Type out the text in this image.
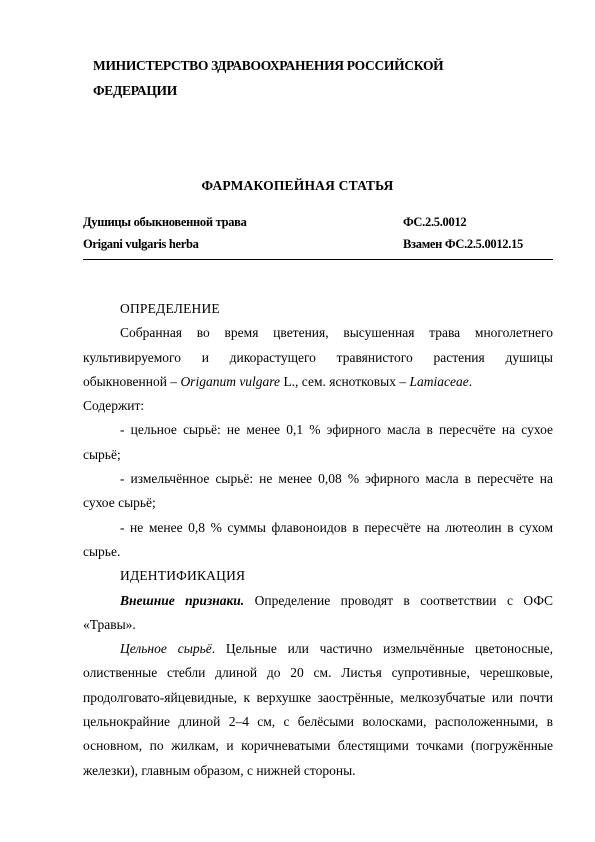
МИНИСТЕРСТВО ЗДРАВООХРАНЕНИЯ РОССИЙСКОЙ ФЕДЕРАЦИИ
ФАРМАКОПЕЙНАЯ СТАТЬЯ
Душицы обыкновенной трава	ФС.2.5.0012
Origani vulgaris herba	Взамен ФС.2.5.0012.15

ОПРЕДЕЛЕНИЕ

Собранная во время цветения, высушенная трава многолетнего культивируемого и дикорастущего травянистого растения душицы обыкновенной – Origanum vulgare L., сем. яснотковых – Lamiaceae.

Содержит:

- цельное сырьё: не менее 0,1 % эфирного масла в пересчёте на сухое сырьё;

- измельчённое сырьё: не менее 0,08 % эфирного масла в пересчёте на сухое сырьё;

- не менее 0,8 % суммы флавоноидов в пересчёте на лютеолин в сухом сырье.

ИДЕНТИФИКАЦИЯ

Внешние признаки. Определение проводят в соответствии с ОФС «Травы».

Цельное сырьё. Цельные или частично измельчённые цветоносные, олиственные стебли длиной до 20 см. Листья супротивные, черешковые, продолговато-яйцевидные, к верхушке заострённые, мелкозубчатые или почти цельнокрайние длиной 2–4 см, с белёсыми волосками, расположенными, в основном, по жилкам, и коричневатыми блестящими точками (погружённые железки), главным образом, с нижней стороны.
